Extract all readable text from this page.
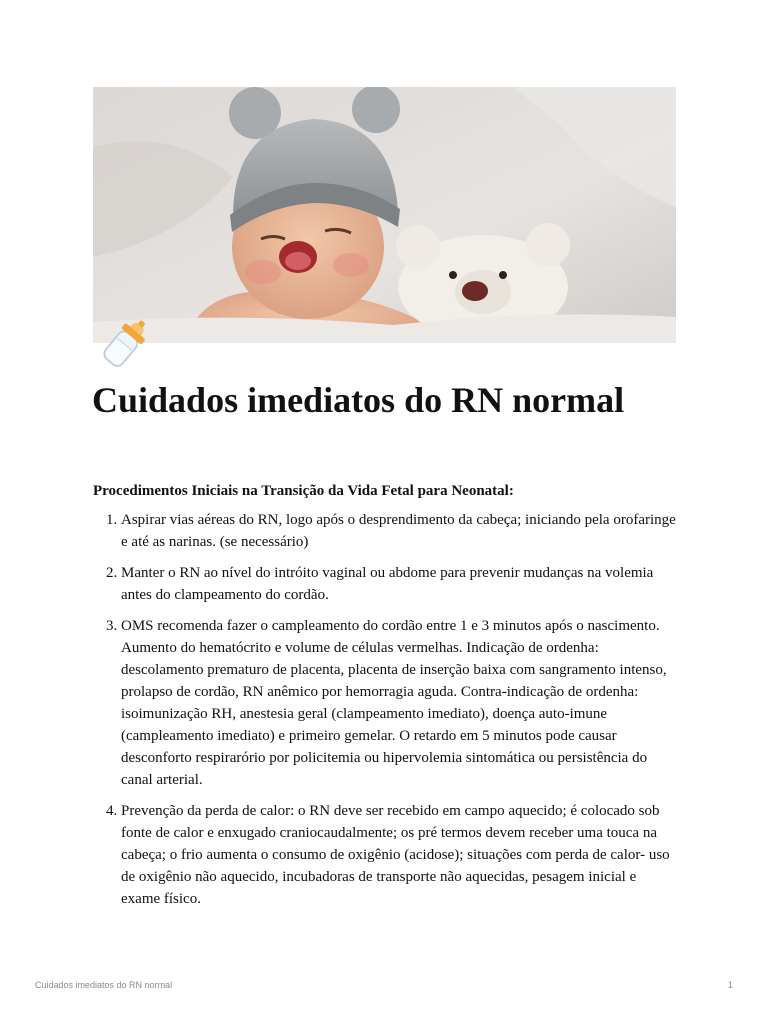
Cuidados imediatos do RN normal

Procedimentos Iniciais na Transição da Vida Fetal para Neonatal:

1. Aspirar vias aéreas do RN, logo após o desprendimento da cabeça; iniciando pela orofaringe e até as narinas. (se necessário)
2. Manter o RN ao nível do intróito vaginal ou abdome para prevenir mudanças na volemia antes do clampeamento do cordão.
3. OMS recomenda fazer o campleamento do cordão entre 1 e 3 minutos após o nascimento. Aumento do hematócrito e volume de células vermelhas. Indicação de ordenha: descolamento prematuro de placenta, placenta de inserção baixa com sangramento intenso, prolapso de cordão, RN anêmico por hemorragia aguda. Contra-indicação de ordenha: isoimunização RH, anestesia geral (clampeamento imediato), doença auto-imune (campleamento imediato) e primeiro gemelar. O retardo em 5 minutos pode causar desconforto respirarório por policitemia ou hipervolemia sintomática ou persistência do canal arterial.
4. Prevenção da perda de calor: o RN deve ser recebido em campo aquecido; é colocado sob fonte de calor e enxugado craniocaudalmente; os pré termos devem receber uma touca na cabeça; o frio aumenta o consumo de oxigênio (acidose); situações com perda de calor- uso de oxigênio não aquecido, incubadoras de transporte não aquecidas, pesagem inicial e exame físico.
Cuidados imediatos do RN normal	1
